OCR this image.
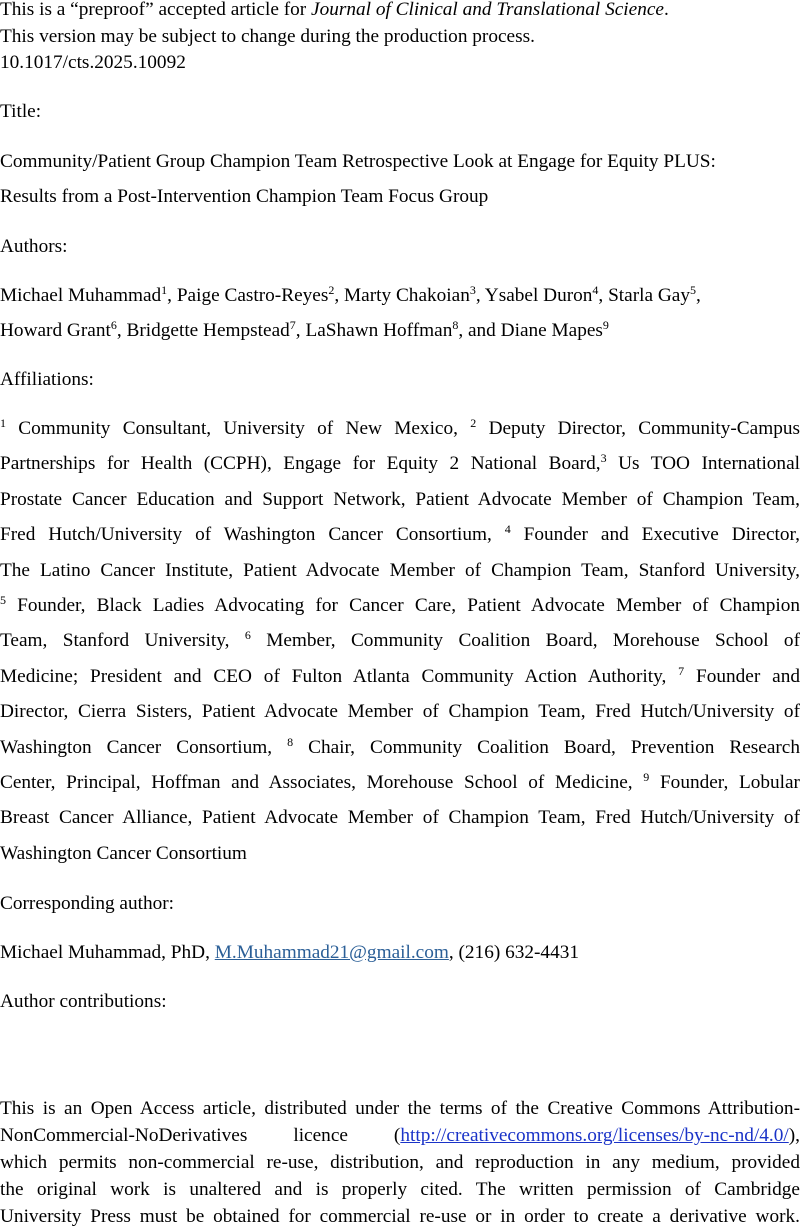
This is a “preproof” accepted article for Journal of Clinical and Translational Science.
This version may be subject to change during the production process.
10.1017/cts.2025.10092
Title:
Community/Patient Group Champion Team Retrospective Look at Engage for Equity PLUS:
Results from a Post-Intervention Champion Team Focus Group
Authors:
Michael Muhammad$^1$, Paige Castro-Reyes$^2$, Marty Chakoian$^3$, Ysabel Duron$^4$, Starla Gay$^5$,
Howard Grant$^6$, Bridgette Hempstead$^7$, LaShawn Hoffman$^8$, and Diane Mapes$^9$
Affiliations:
$^1$ Community Consultant, University of New Mexico, $^2$ Deputy Director, Community-Campus
Partnerships for Health (CCPH), Engage for Equity 2 National Board,$^3$ Us TOO International
Prostate Cancer Education and Support Network, Patient Advocate Member of Champion Team,
Fred Hutch/University of Washington Cancer Consortium, $^4$ Founder and Executive Director,
The Latino Cancer Institute, Patient Advocate Member of Champion Team, Stanford University,
$^5$ Founder, Black Ladies Advocating for Cancer Care, Patient Advocate Member of Champion
Team, Stanford University, $^6$ Member, Community Coalition Board, Morehouse School of
Medicine; President and CEO of Fulton Atlanta Community Action Authority, $^7$ Founder and
Director, Cierra Sisters, Patient Advocate Member of Champion Team, Fred Hutch/University of
Washington Cancer Consortium, $^8$ Chair, Community Coalition Board, Prevention Research
Center, Principal, Hoffman and Associates, Morehouse School of Medicine, $^9$ Founder, Lobular
Breast Cancer Alliance, Patient Advocate Member of Champion Team, Fred Hutch/University of
Washington Cancer Consortium
Corresponding author:
Michael Muhammad, PhD, M.Muhammad21@gmail.com, (216) 632-4431
Author contributions:
This is an Open Access article, distributed under the terms of the Creative Commons Attribution-
NonCommercial-NoDerivatives licence (http://creativecommons.org/licenses/by-nc-nd/4.0/),
which permits non-commercial re-use, distribution, and reproduction in any medium, provided
the original work is unaltered and is properly cited. The written permission of Cambridge
University Press must be obtained for commercial re-use or in order to create a derivative work.
